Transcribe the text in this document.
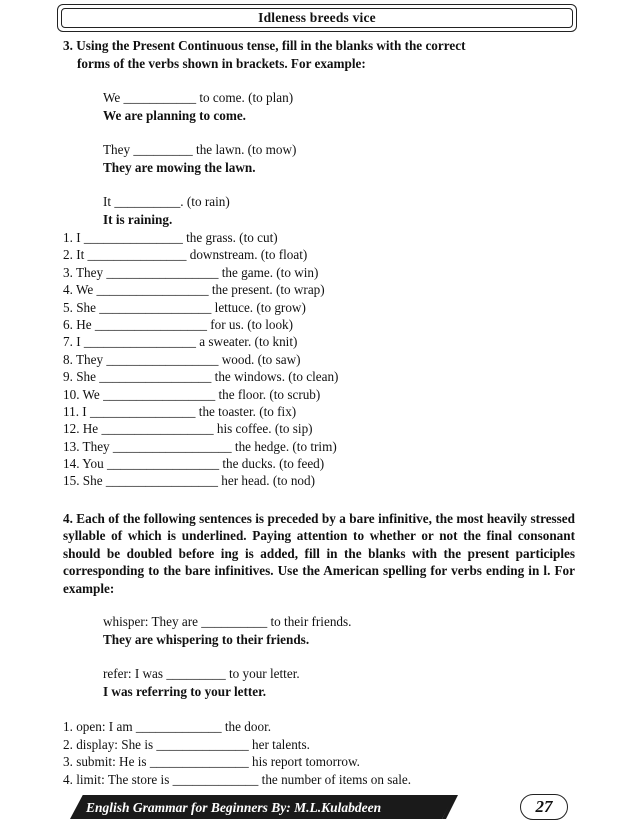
Idleness breeds vice

3. Using the Present Continuous tense, fill in the blanks with the correct

forms of the verbs shown in brackets. For example:

We ___________ to come. (to plan)

We are planning to come.

They _________ the lawn. (to mow)

They are mowing the lawn.

It __________. (to rain)

It is raining.

1. I _______________ the grass. (to cut)
2. It _______________ downstream. (to float)
3. They _________________ the game. (to win)
4. We _________________ the present. (to wrap)
5. She _________________ lettuce. (to grow)
6. He _________________ for us. (to look)
7. I _________________ a sweater. (to knit)
8. They _________________ wood. (to saw)
9. She _________________ the windows. (to clean)
10. We _________________ the floor. (to scrub)
11. I ________________ the toaster. (to fix)
12. He _________________ his coffee. (to sip)
13. They __________________ the hedge. (to trim)
14. You _________________ the ducks. (to feed)
15. She _________________ her head. (to nod)

4. Each of the following sentences is preceded by a bare infinitive, the most heavily stressed syllable of which is underlined. Paying attention to whether or not the final consonant should be doubled before ing is added, fill in the blanks with the present participles corresponding to the bare infinitives. Use the American spelling for verbs ending in l. For example:

whisper: They are __________ to their friends.

They are whispering to their friends.

refer: I was _________ to your letter.

I was referring to your letter.

1. open: I am _____________ the door.
2. display: She is ______________ her talents.
3. submit: He is _______________ his report tomorrow.
4. limit: The store is _____________ the number of items on sale.
English Grammar for Beginners By: M.L.Kulabdeen	27
